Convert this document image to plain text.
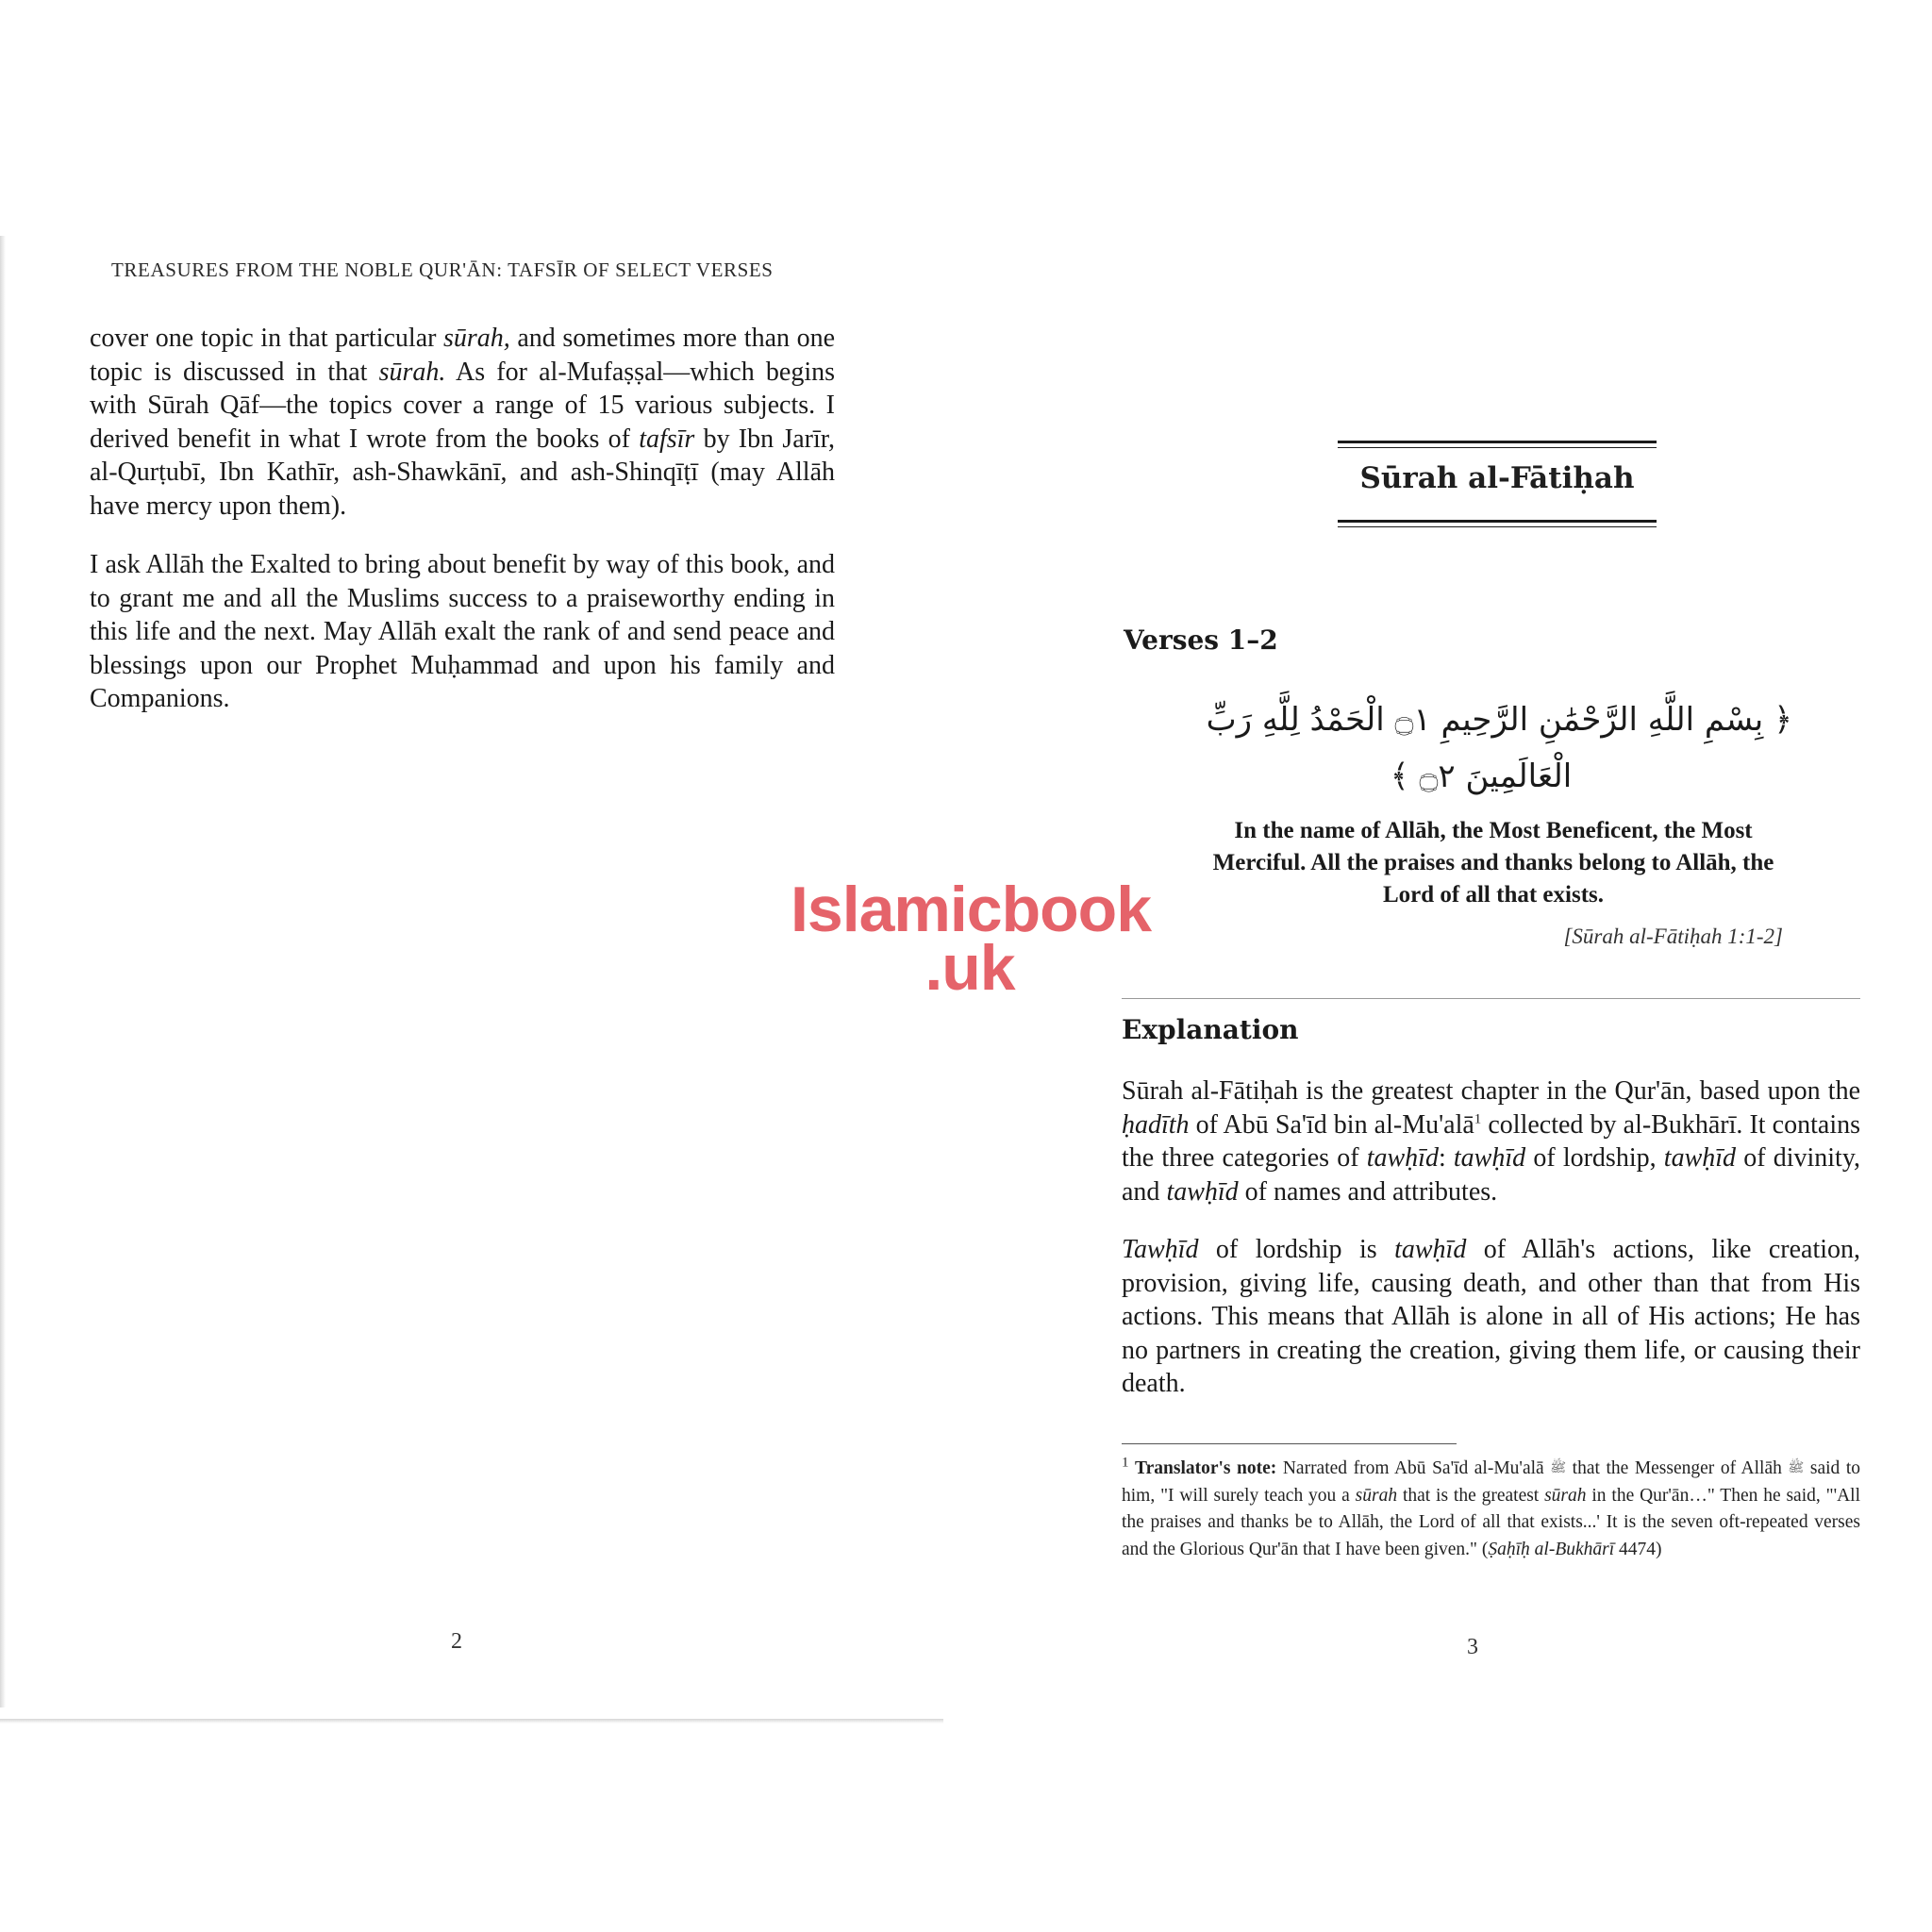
TREASURES FROM THE NOBLE QUR'ĀN: TAFSĪR OF SELECT VERSES

cover one topic in that particular sūrah, and sometimes more than one topic is discussed in that sūrah. As for al-Mufaṣṣal—which begins with Sūrah Qāf—the topics cover a range of 15 various subjects. I derived benefit in what I wrote from the books of tafsīr by Ibn Jarīr, al-Qurṭubī, Ibn Kathīr, ash-Shawkānī, and ash-Shinqīṭī (may Allāh have mercy upon them).

I ask Allāh the Exalted to bring about benefit by way of this book, and to grant me and all the Muslims success to a praiseworthy ending in this life and the next. May Allāh exalt the rank of and send peace and blessings upon our Prophet Muḥammad and upon his family and Companions.

2
Sūrah al-Fātiḥah
Verses 1–2
﴿ بِسْمِ اللَّهِ الرَّحْمَٰنِ الرَّحِيمِ ۝١ الْحَمْدُ لِلَّهِ رَبِّ
الْعَالَمِينَ ۝٢ ﴾
In the name of Allāh, the Most Beneficent, the Most Merciful. All the praises and thanks belong to Allāh, the Lord of all that exists.
[Sūrah al-Fātiḥah 1:1-2]
Explanation

Sūrah al-Fātiḥah is the greatest chapter in the Qur'ān, based upon the ḥadīth of Abū Sa'īd bin al-Mu'alā$^1$ collected by al-Bukhārī. It contains the three categories of tawḥīd: tawḥīd of lordship, tawḥīd of divinity, and tawḥīd of names and attributes.

Tawḥīd of lordship is tawḥīd of Allāh's actions, like creation, provision, giving life, causing death, and other than that from His actions. This means that Allāh is alone in all of His actions; He has no partners in creating the creation, giving them life, or causing their death.

$^1$ Translator's note: Narrated from Abū Sa'īd al-Mu'alā ﷺ that the Messenger of Allāh ﷺ said to him, "I will surely teach you a sūrah that is the greatest sūrah in the Qur'ān…" Then he said, "'All the praises and thanks be to Allāh, the Lord of all that exists...' It is the seven oft-repeated verses and the Glorious Qur'ān that I have been given." (Ṣaḥīḥ al-Bukhārī 4474)

3
Islamicbook
.uk
